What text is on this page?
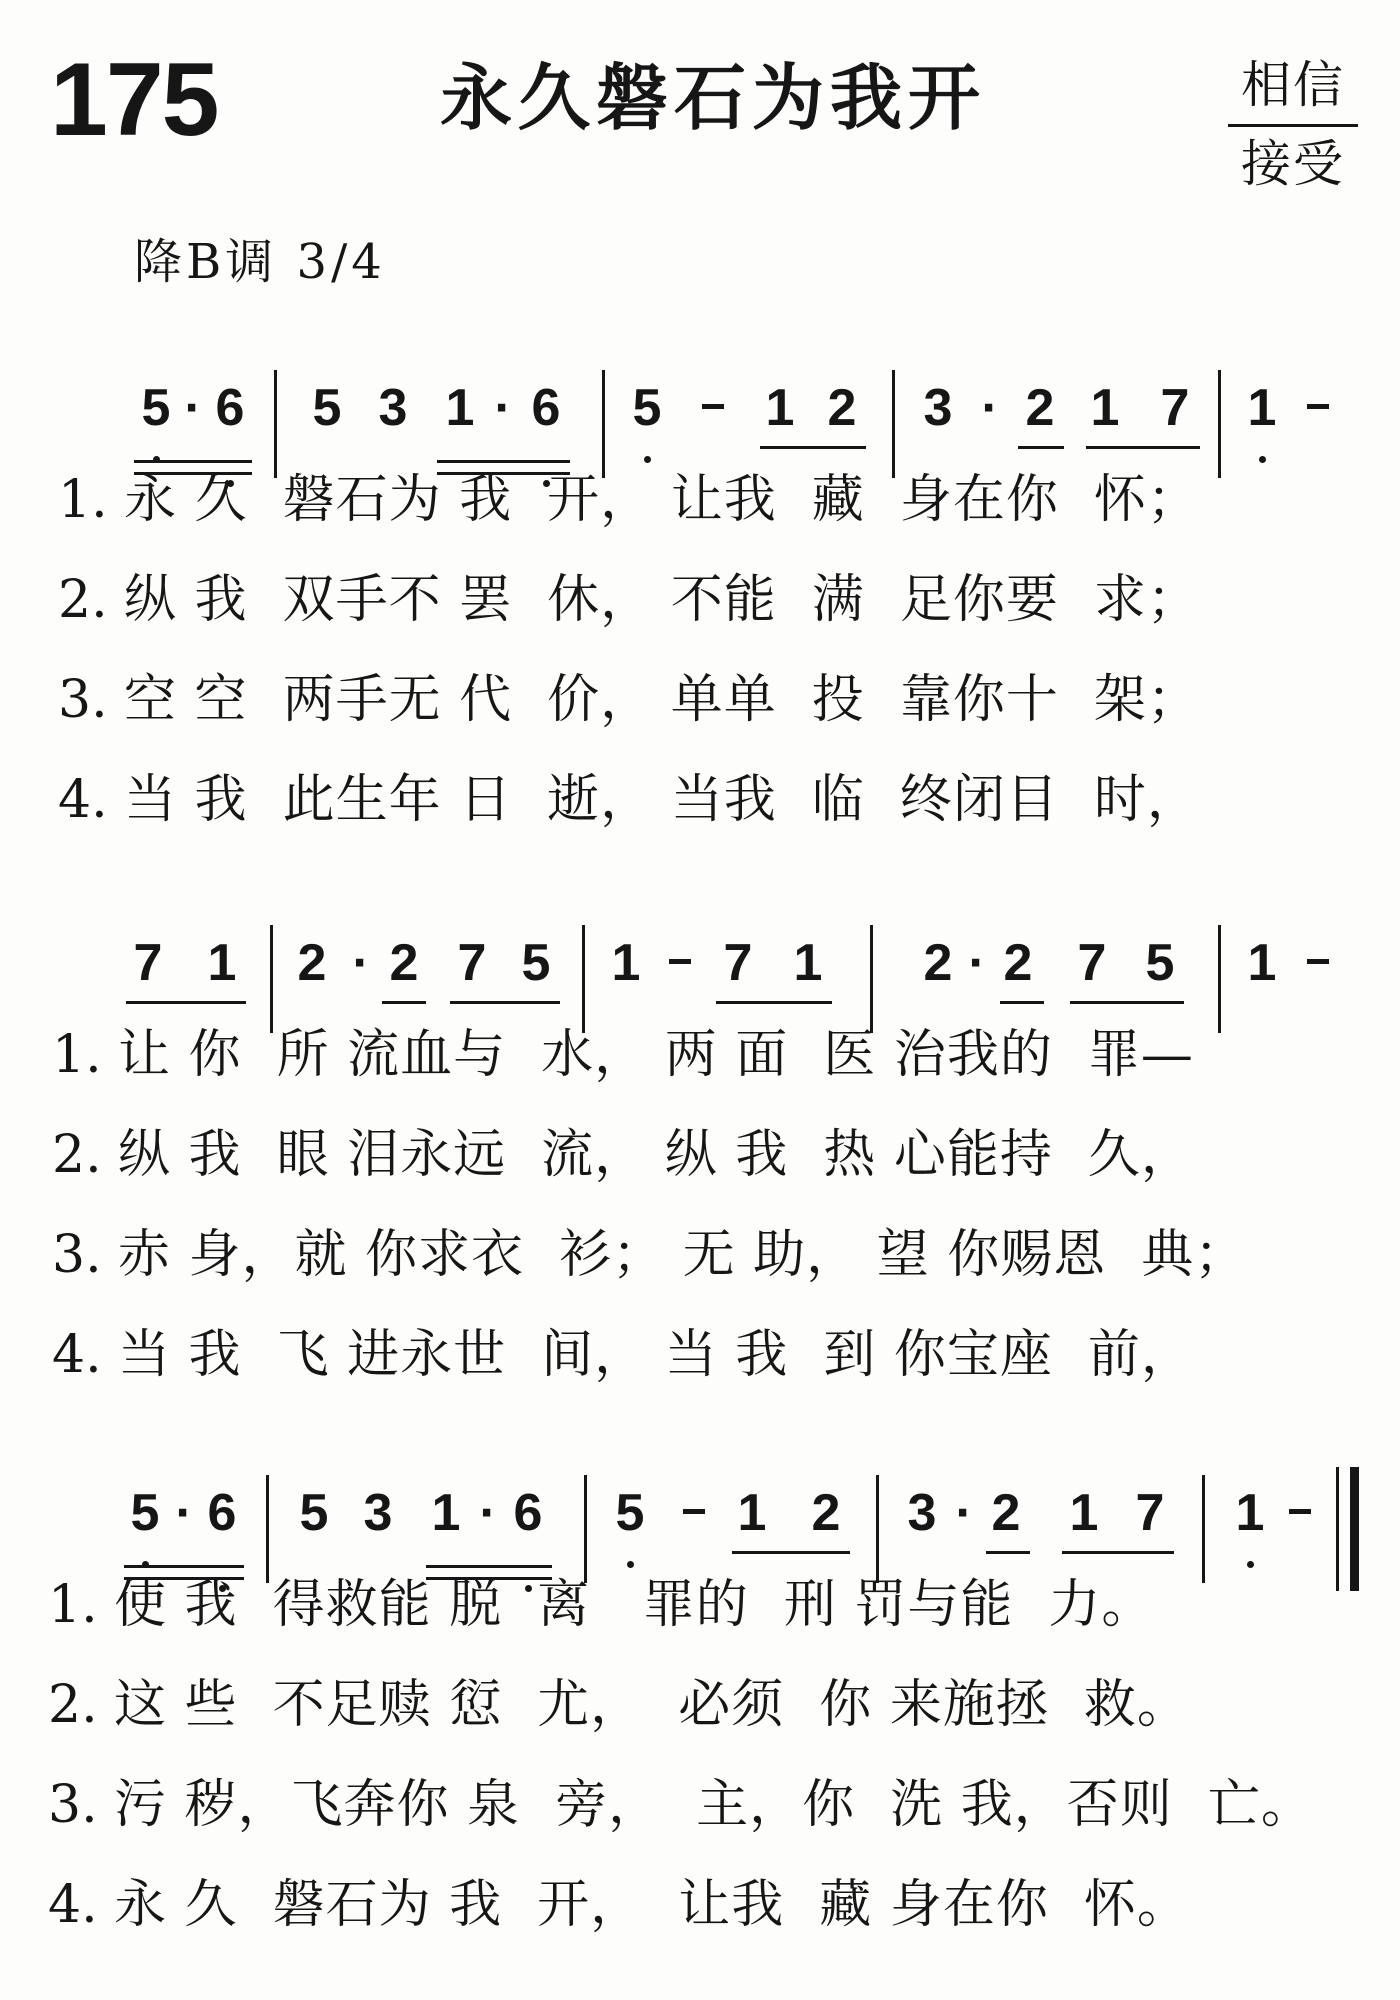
175	永久磐石为我开	相信
接受
降B调 3/4
5 6 5 3 1 6 5 1 2 3 2 1 7 1
·	·	·
1. 永 久  磐石为 我  开， 让我  藏  身在你  怀；
2. 纵 我  双手不 罢  休， 不能  满  足你要  求；
3. 空 空  两手无 代  价， 单单  投  靠你十  架；
4. 当 我  此生年 日  逝， 当我  临  终闭目  时，
7 1 2 2 7 5 1 7 1 2 2 7 5 1
·	·
1. 让 你  所 流血与  水， 两 面  医 治我的  罪—
2. 纵 我  眼 泪永远  流， 纵 我  热 心能持  久，
3. 赤 身，就 你求衣  衫； 无 助， 望 你赐恩  典；
4. 当 我  飞 进永世  间， 当 我  到 你宝座  前，
5 6 5 3 1 6 5 1 2 3 2 1 7 1
·	·	·
1. 使 我  得救能 脱  离   罪的  刑 罚与能  力。
2. 这 些  不足赎 愆  尤，  必须  你 来施拯  救。
3. 污 秽，飞奔你 泉  旁，  主，你  洗 我，否则  亡。
4. 永 久  磐石为 我  开，  让我  藏 身在你  怀。
